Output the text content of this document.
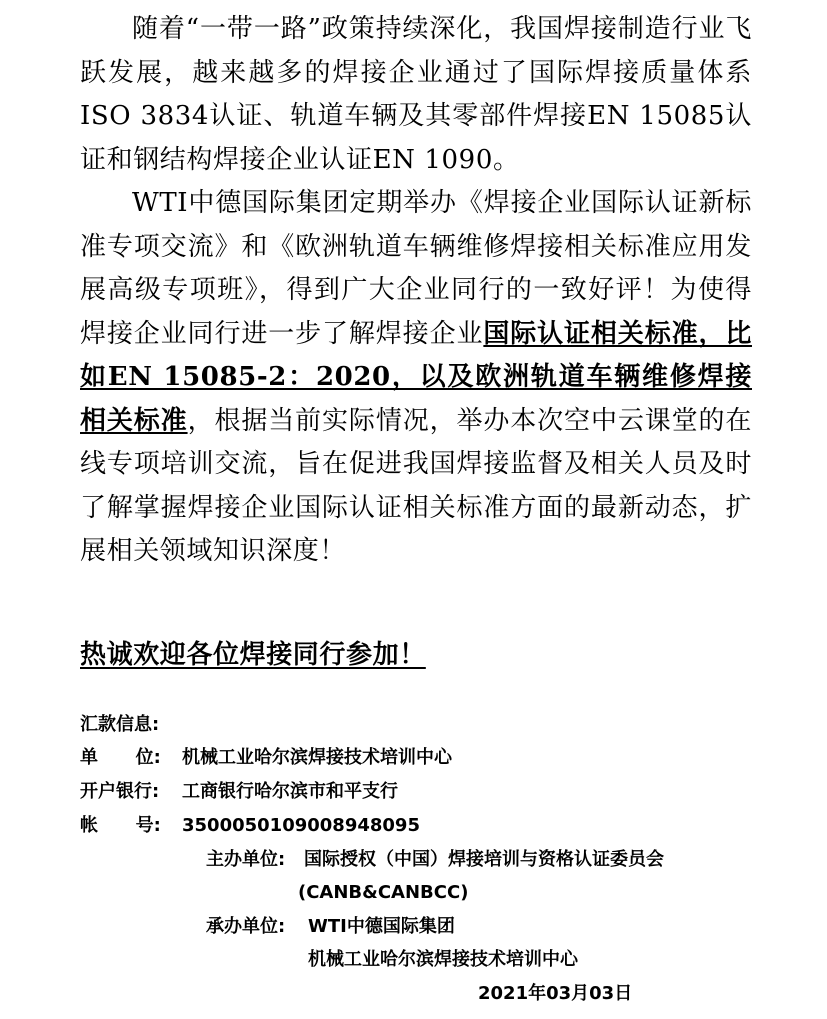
随着“一带一路”政策持续深化，我国焊接制造行业飞跃发展，越来越多的焊接企业通过了国际焊接质量体系ISO 3834认证、轨道车辆及其零部件焊接EN 15085认证和钢结构焊接企业认证EN 1090。

WTI中德国际集团定期举办《焊接企业国际认证新标准专项交流》和《欧洲轨道车辆维修焊接相关标准应用发展高级专项班》，得到广大企业同行的一致好评！为使得焊接企业同行进一步了解焊接企业国际认证相关标准，比如EN 15085-2：2020，以及欧洲轨道车辆维修焊接相关标准，根据当前实际情况，举办本次空中云课堂的在线专项培训交流，旨在促进我国焊接监督及相关人员及时了解掌握焊接企业国际认证相关标准方面的最新动态，扩展相关领域知识深度！

热诚欢迎各位焊接同行参加！
汇款信息:
单      位: 机械工业哈尔滨焊接技术培训中心
开户银行: 工商银行哈尔滨市和平支行
帐      号: 3500050109008948095
主办单位: 国际授权（中国）焊接培训与资格认证委员会
(CANB&CANBCC)
承办单位: WTI中德国际集团
机械工业哈尔滨焊接技术培训中心
2021年03月03日
